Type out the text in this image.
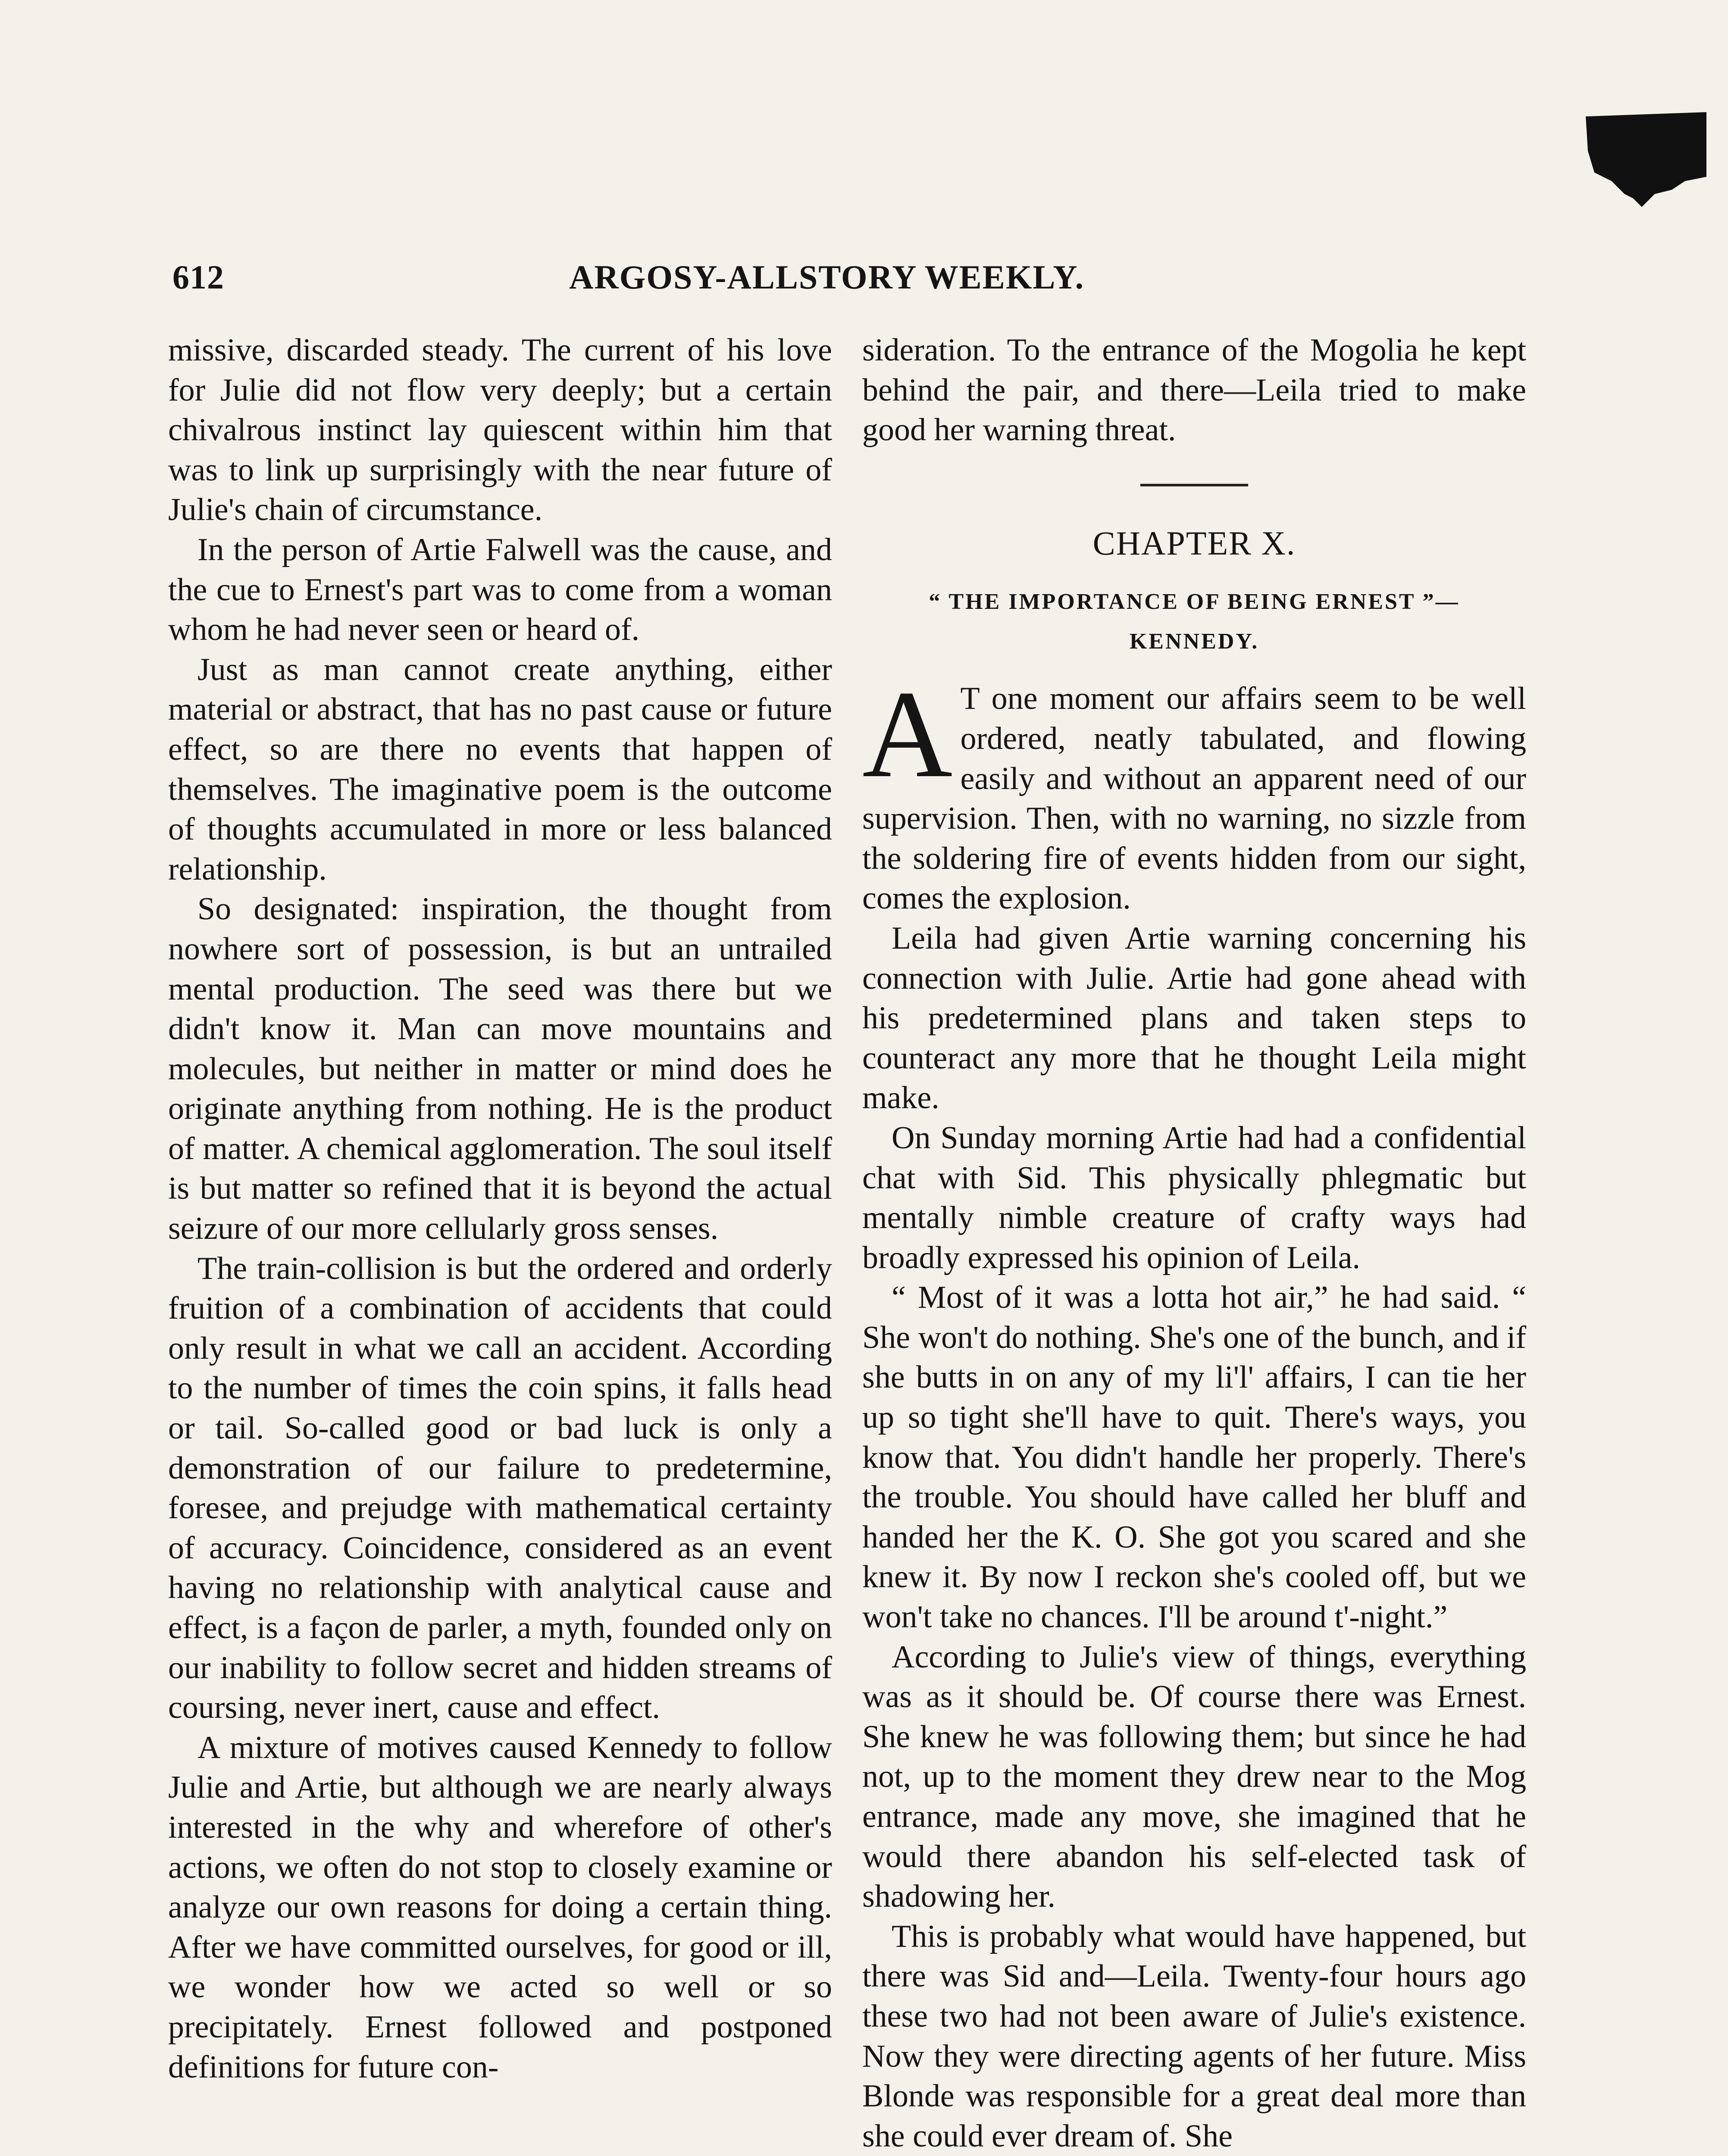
612	ARGOSY-ALLSTORY WEEKLY.

missive, discarded steady. The current of his love for Julie did not flow very deeply; but a certain chivalrous instinct lay quiescent within him that was to link up surprisingly with the near future of Julie's chain of circumstance.

In the person of Artie Falwell was the cause, and the cue to Ernest's part was to come from a woman whom he had never seen or heard of.

Just as man cannot create anything, either material or abstract, that has no past cause or future effect, so are there no events that happen of themselves. The imaginative poem is the outcome of thoughts accumulated in more or less balanced relationship.

So designated: inspiration, the thought from nowhere sort of possession, is but an untrailed mental production. The seed was there but we didn't know it. Man can move mountains and molecules, but neither in matter or mind does he originate anything from nothing. He is the product of matter. A chemical agglomeration. The soul itself is but matter so refined that it is beyond the actual seizure of our more cellularly gross senses.

The train-collision is but the ordered and orderly fruition of a combination of accidents that could only result in what we call an accident. According to the number of times the coin spins, it falls head or tail. So-called good or bad luck is only a demonstration of our failure to predetermine, foresee, and prejudge with mathematical certainty of accuracy. Coincidence, considered as an event having no relationship with analytical cause and effect, is a façon de parler, a myth, founded only on our inability to follow secret and hidden streams of coursing, never inert, cause and effect.

A mixture of motives caused Kennedy to follow Julie and Artie, but although we are nearly always interested in the why and wherefore of other's actions, we often do not stop to closely examine or analyze our own reasons for doing a certain thing. After we have committed ourselves, for good or ill, we wonder how we acted so well or so precipitately. Ernest followed and postponed definitions for future con-

sideration. To the entrance of the Mogolia he kept behind the pair, and there—Leila tried to make good her warning threat.

CHAPTER X.
“ THE IMPORTANCE OF BEING ERNEST ”—
KENNEDY.

A T one moment our affairs seem to be well ordered, neatly tabulated, and flowing easily and without an apparent need of our supervision. Then, with no warning, no sizzle from the soldering fire of events hidden from our sight, comes the explosion.

Leila had given Artie warning concerning his connection with Julie. Artie had gone ahead with his predetermined plans and taken steps to counteract any more that he thought Leila might make.

On Sunday morning Artie had had a confidential chat with Sid. This physically phlegmatic but mentally nimble creature of crafty ways had broadly expressed his opinion of Leila.

“ Most of it was a lotta hot air,” he had said. “ She won't do nothing. She's one of the bunch, and if she butts in on any of my li'l' affairs, I can tie her up so tight she'll have to quit. There's ways, you know that. You didn't handle her properly. There's the trouble. You should have called her bluff and handed her the K. O. She got you scared and she knew it. By now I reckon she's cooled off, but we won't take no chances. I'll be around t'-night.”

According to Julie's view of things, everything was as it should be. Of course there was Ernest. She knew he was following them; but since he had not, up to the moment they drew near to the Mog entrance, made any move, she imagined that he would there abandon his self-elected task of shadowing her.

This is probably what would have happened, but there was Sid and—Leila. Twenty-four hours ago these two had not been aware of Julie's existence. Now they were directing agents of her future. Miss Blonde was responsible for a great deal more than she could ever dream of. She
